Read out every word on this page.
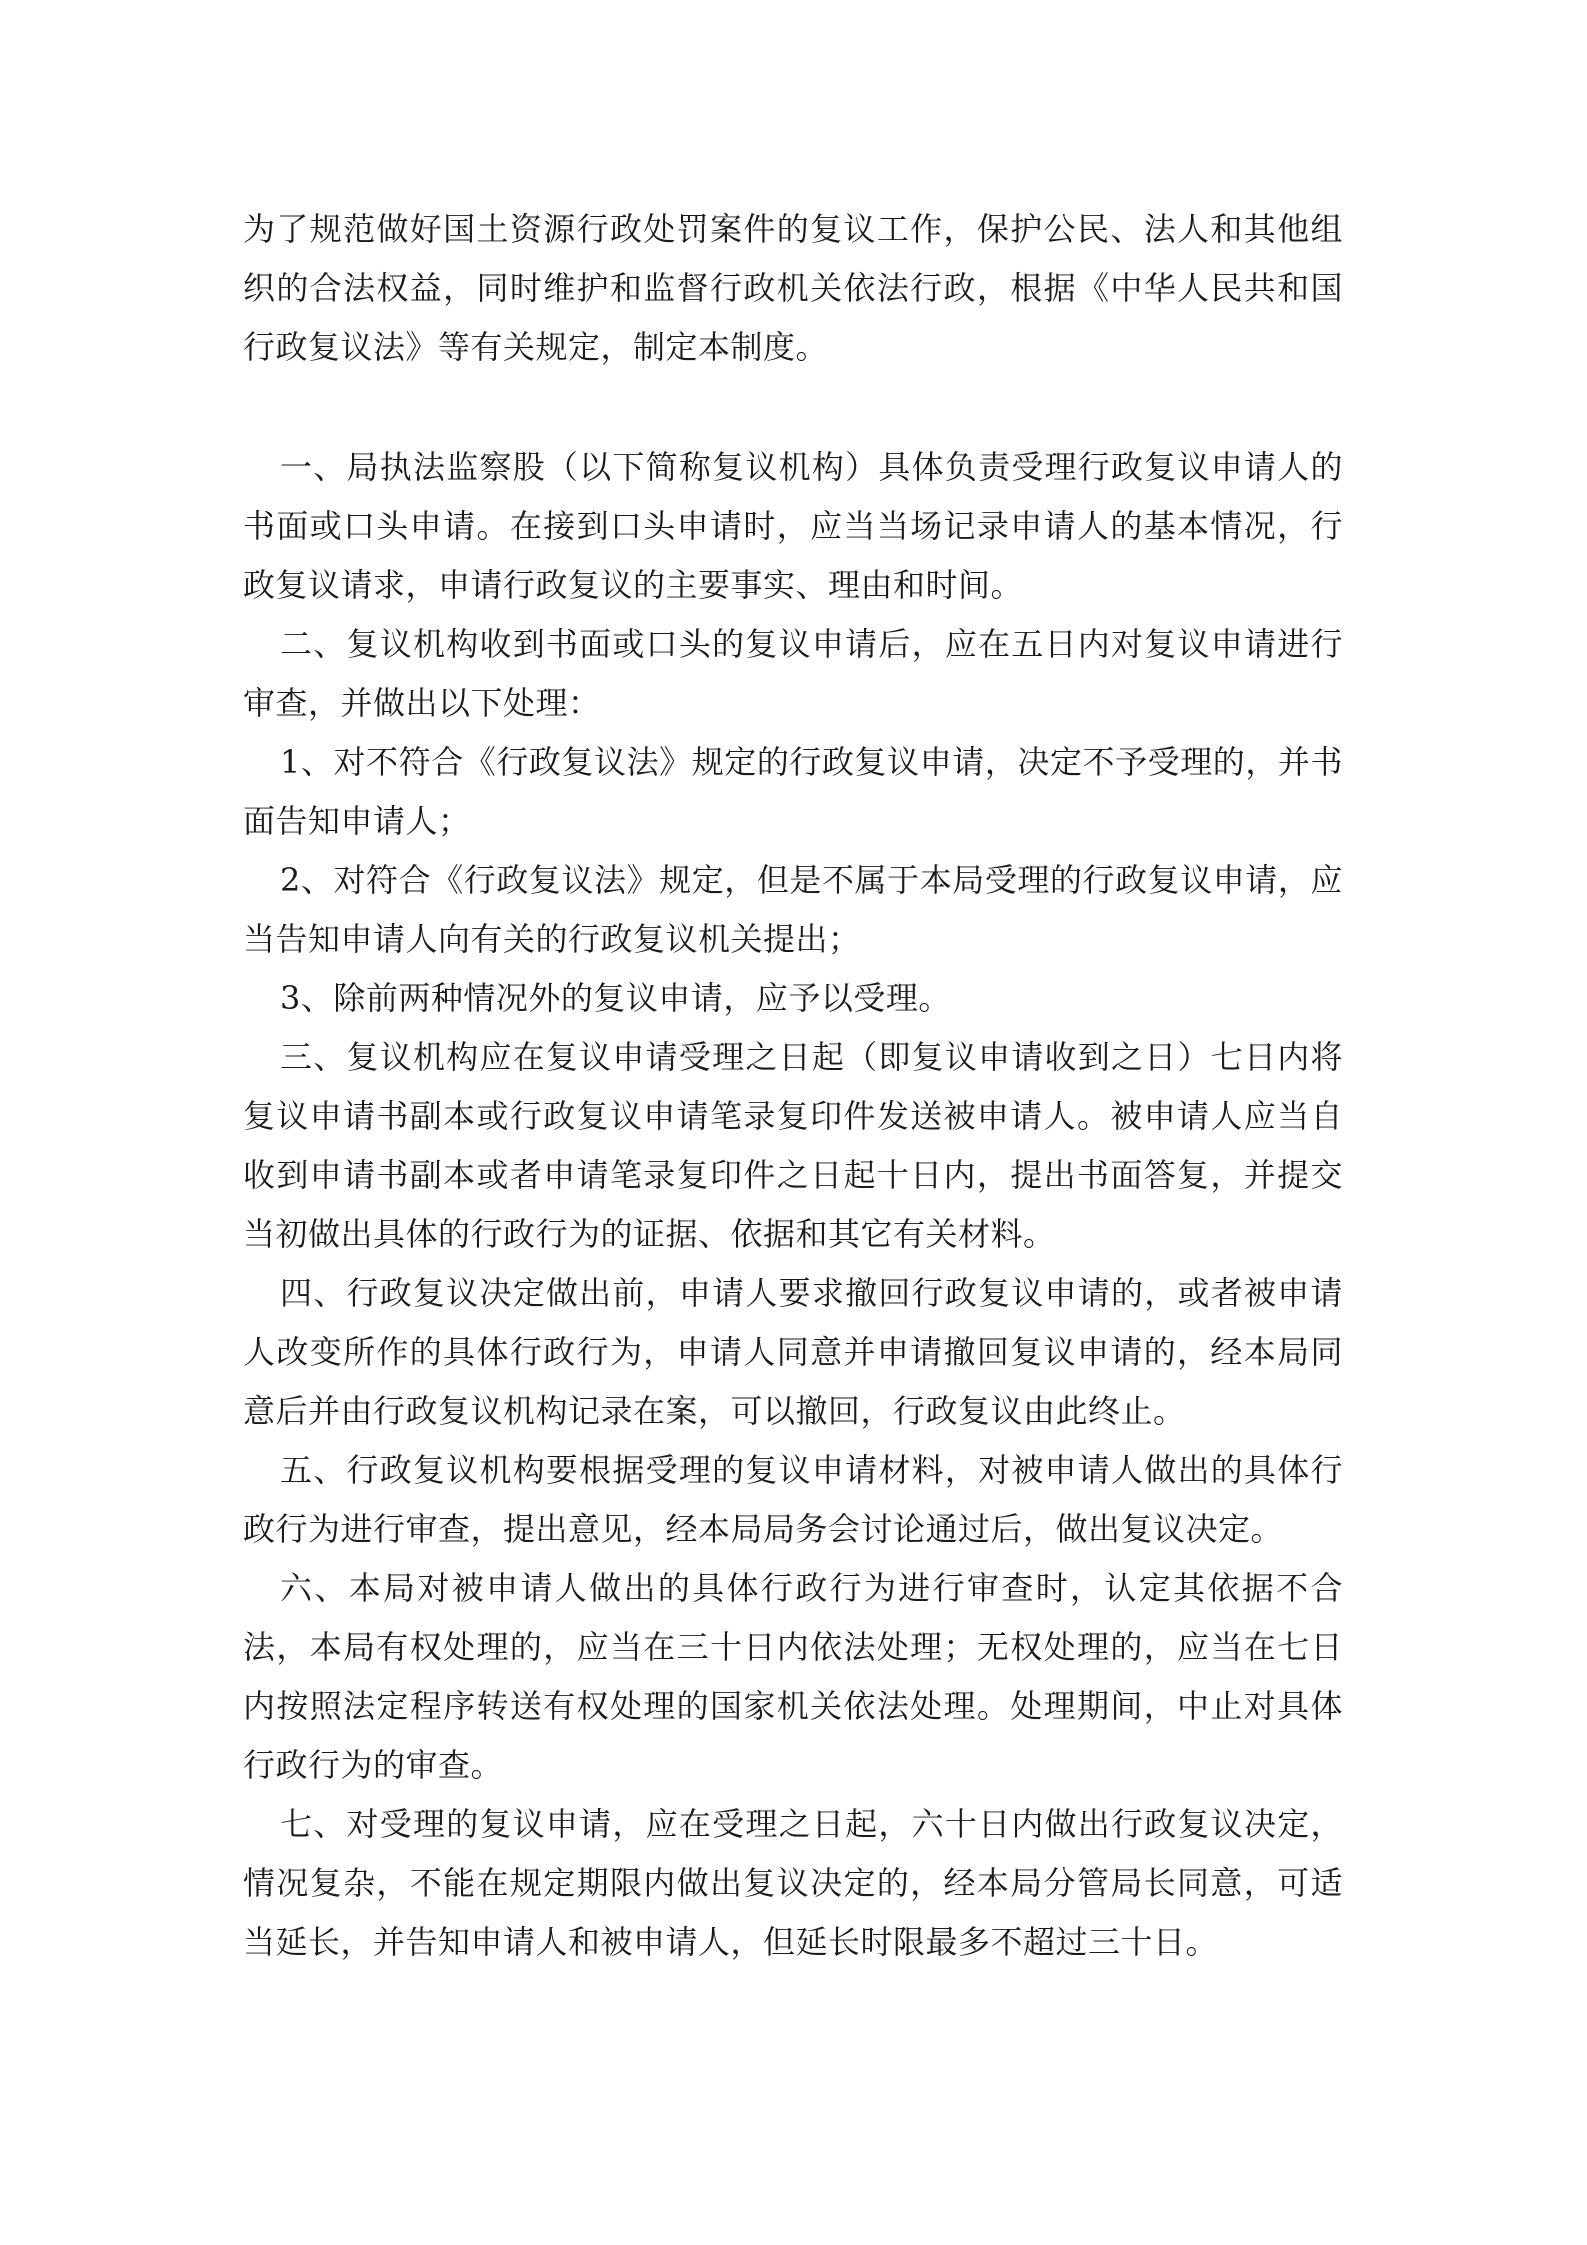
为了规范做好国土资源行政处罚案件的复议工作，保护公民、法人和其他组织的合法权益，同时维护和监督行政机关依法行政，根据《中华人民共和国行政复议法》等有关规定，制定本制度。

一、局执法监察股（以下简称复议机构）具体负责受理行政复议申请人的书面或口头申请。在接到口头申请时，应当当场记录申请人的基本情况，行政复议请求，申请行政复议的主要事实、理由和时间。

二、复议机构收到书面或口头的复议申请后，应在五日内对复议申请进行审查，并做出以下处理：

1、对不符合《行政复议法》规定的行政复议申请，决定不予受理的，并书面告知申请人；

2、对符合《行政复议法》规定，但是不属于本局受理的行政复议申请，应当告知申请人向有关的行政复议机关提出；

3、除前两种情况外的复议申请，应予以受理。

三、复议机构应在复议申请受理之日起（即复议申请收到之日）七日内将复议申请书副本或行政复议申请笔录复印件发送被申请人。被申请人应当自收到申请书副本或者申请笔录复印件之日起十日内，提出书面答复，并提交当初做出具体的行政行为的证据、依据和其它有关材料。

四、行政复议决定做出前，申请人要求撤回行政复议申请的，或者被申请人改变所作的具体行政行为，申请人同意并申请撤回复议申请的，经本局同意后并由行政复议机构记录在案，可以撤回，行政复议由此终止。

五、行政复议机构要根据受理的复议申请材料，对被申请人做出的具体行政行为进行审查，提出意见，经本局局务会讨论通过后，做出复议决定。

六、本局对被申请人做出的具体行政行为进行审查时，认定其依据不合法，本局有权处理的，应当在三十日内依法处理；无权处理的，应当在七日内按照法定程序转送有权处理的国家机关依法处理。处理期间，中止对具体行政行为的审查。

七、对受理的复议申请，应在受理之日起，六十日内做出行政复议决定，情况复杂，不能在规定期限内做出复议决定的，经本局分管局长同意，可适当延长，并告知申请人和被申请人，但延长时限最多不超过三十日。
